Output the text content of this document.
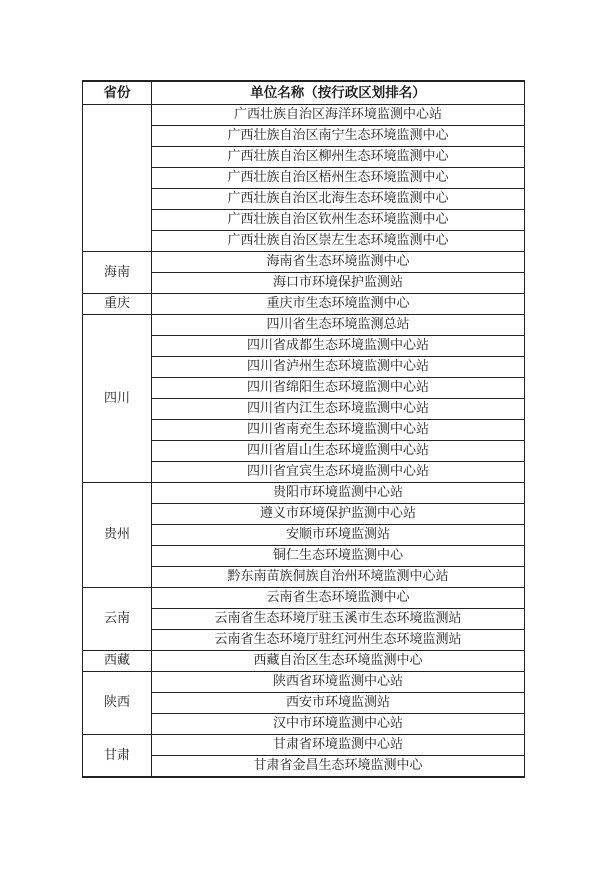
省份	单位名称（按行政区划排名）
	广西壮族自治区海洋环境监测中心站
	广西壮族自治区南宁生态环境监测中心
	广西壮族自治区柳州生态环境监测中心
	广西壮族自治区梧州生态环境监测中心
	广西壮族自治区北海生态环境监测中心
	广西壮族自治区钦州生态环境监测中心
	广西壮族自治区崇左生态环境监测中心
海南	海南省生态环境监测中心
	海口市环境保护监测站
重庆	重庆市生态环境监测中心
四川	四川省生态环境监测总站
	四川省成都生态环境监测中心站
	四川省泸州生态环境监测中心站
	四川省绵阳生态环境监测中心站
	四川省内江生态环境监测中心站
	四川省南充生态环境监测中心站
	四川省眉山生态环境监测中心站
	四川省宜宾生态环境监测中心站
贵州	贵阳市环境监测中心站
	遵义市环境保护监测中心站
	安顺市环境监测站
	铜仁生态环境监测中心
	黔东南苗族侗族自治州环境监测中心站
云南	云南省生态环境监测中心
	云南省生态环境厅驻玉溪市生态环境监测站
	云南省生态环境厅驻红河州生态环境监测站
西藏	西藏自治区生态环境监测中心
陕西	陕西省环境监测中心站
	西安市环境监测站
	汉中市环境监测中心站
甘肃	甘肃省环境监测中心站
	甘肃省金昌生态环境监测中心
